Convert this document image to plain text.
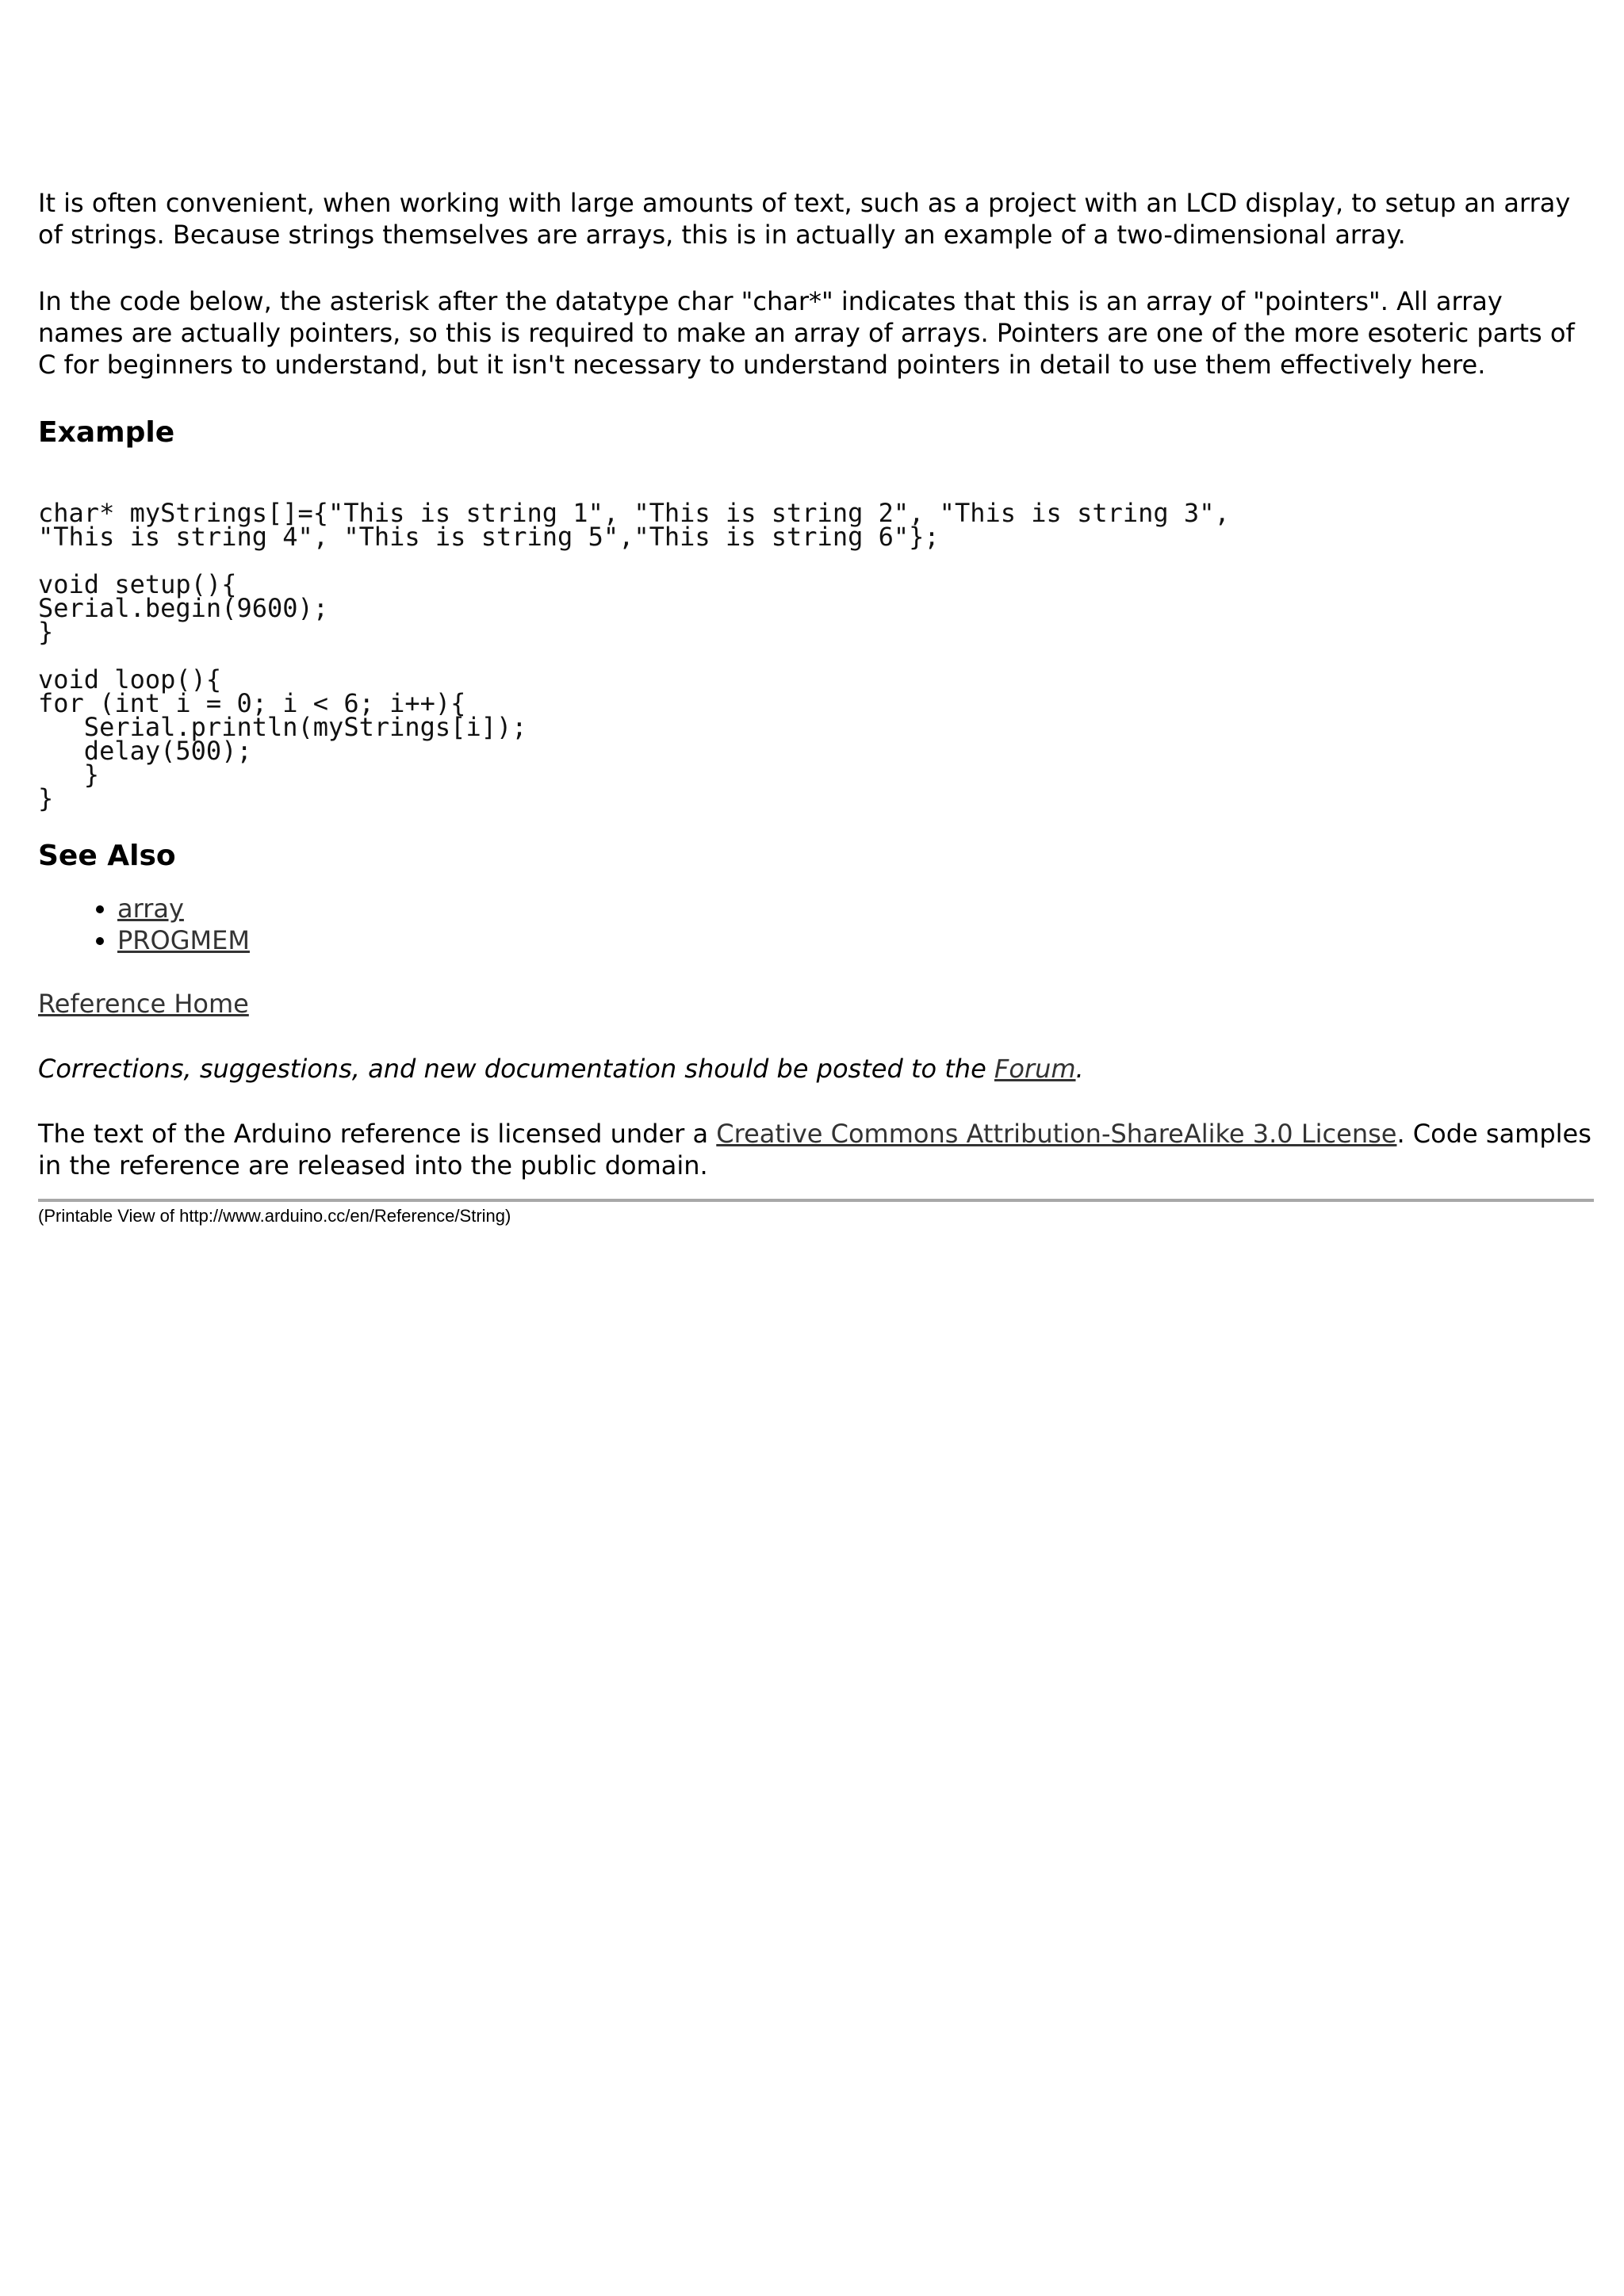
It is often convenient, when working with large amounts of text, such as a project with an LCD display, to setup an array of strings. Because strings themselves are arrays, this is in actually an example of a two-dimensional array.

In the code below, the asterisk after the datatype char "char*" indicates that this is an array of "pointers". All array names are actually pointers, so this is required to make an array of arrays. Pointers are one of the more esoteric parts of C for beginners to understand, but it isn't necessary to understand pointers in detail to use them effectively here.

Example
char* myStrings[]={"This is string 1", "This is string 2", "This is string 3",
"This is string 4", "This is string 5","This is string 6"};
void setup(){
Serial.begin(9600);
}
void loop(){
for (int i = 0; i < 6; i++){
Serial.println(myStrings[i]);
delay(500);
}
}
See Also
• array
• PROGMEM

Reference Home

Corrections, suggestions, and new documentation should be posted to the Forum.

The text of the Arduino reference is licensed under a Creative Commons Attribution-ShareAlike 3.0 License. Code samples in the reference are released into the public domain.

(Printable View of http://www.arduino.cc/en/Reference/String)
